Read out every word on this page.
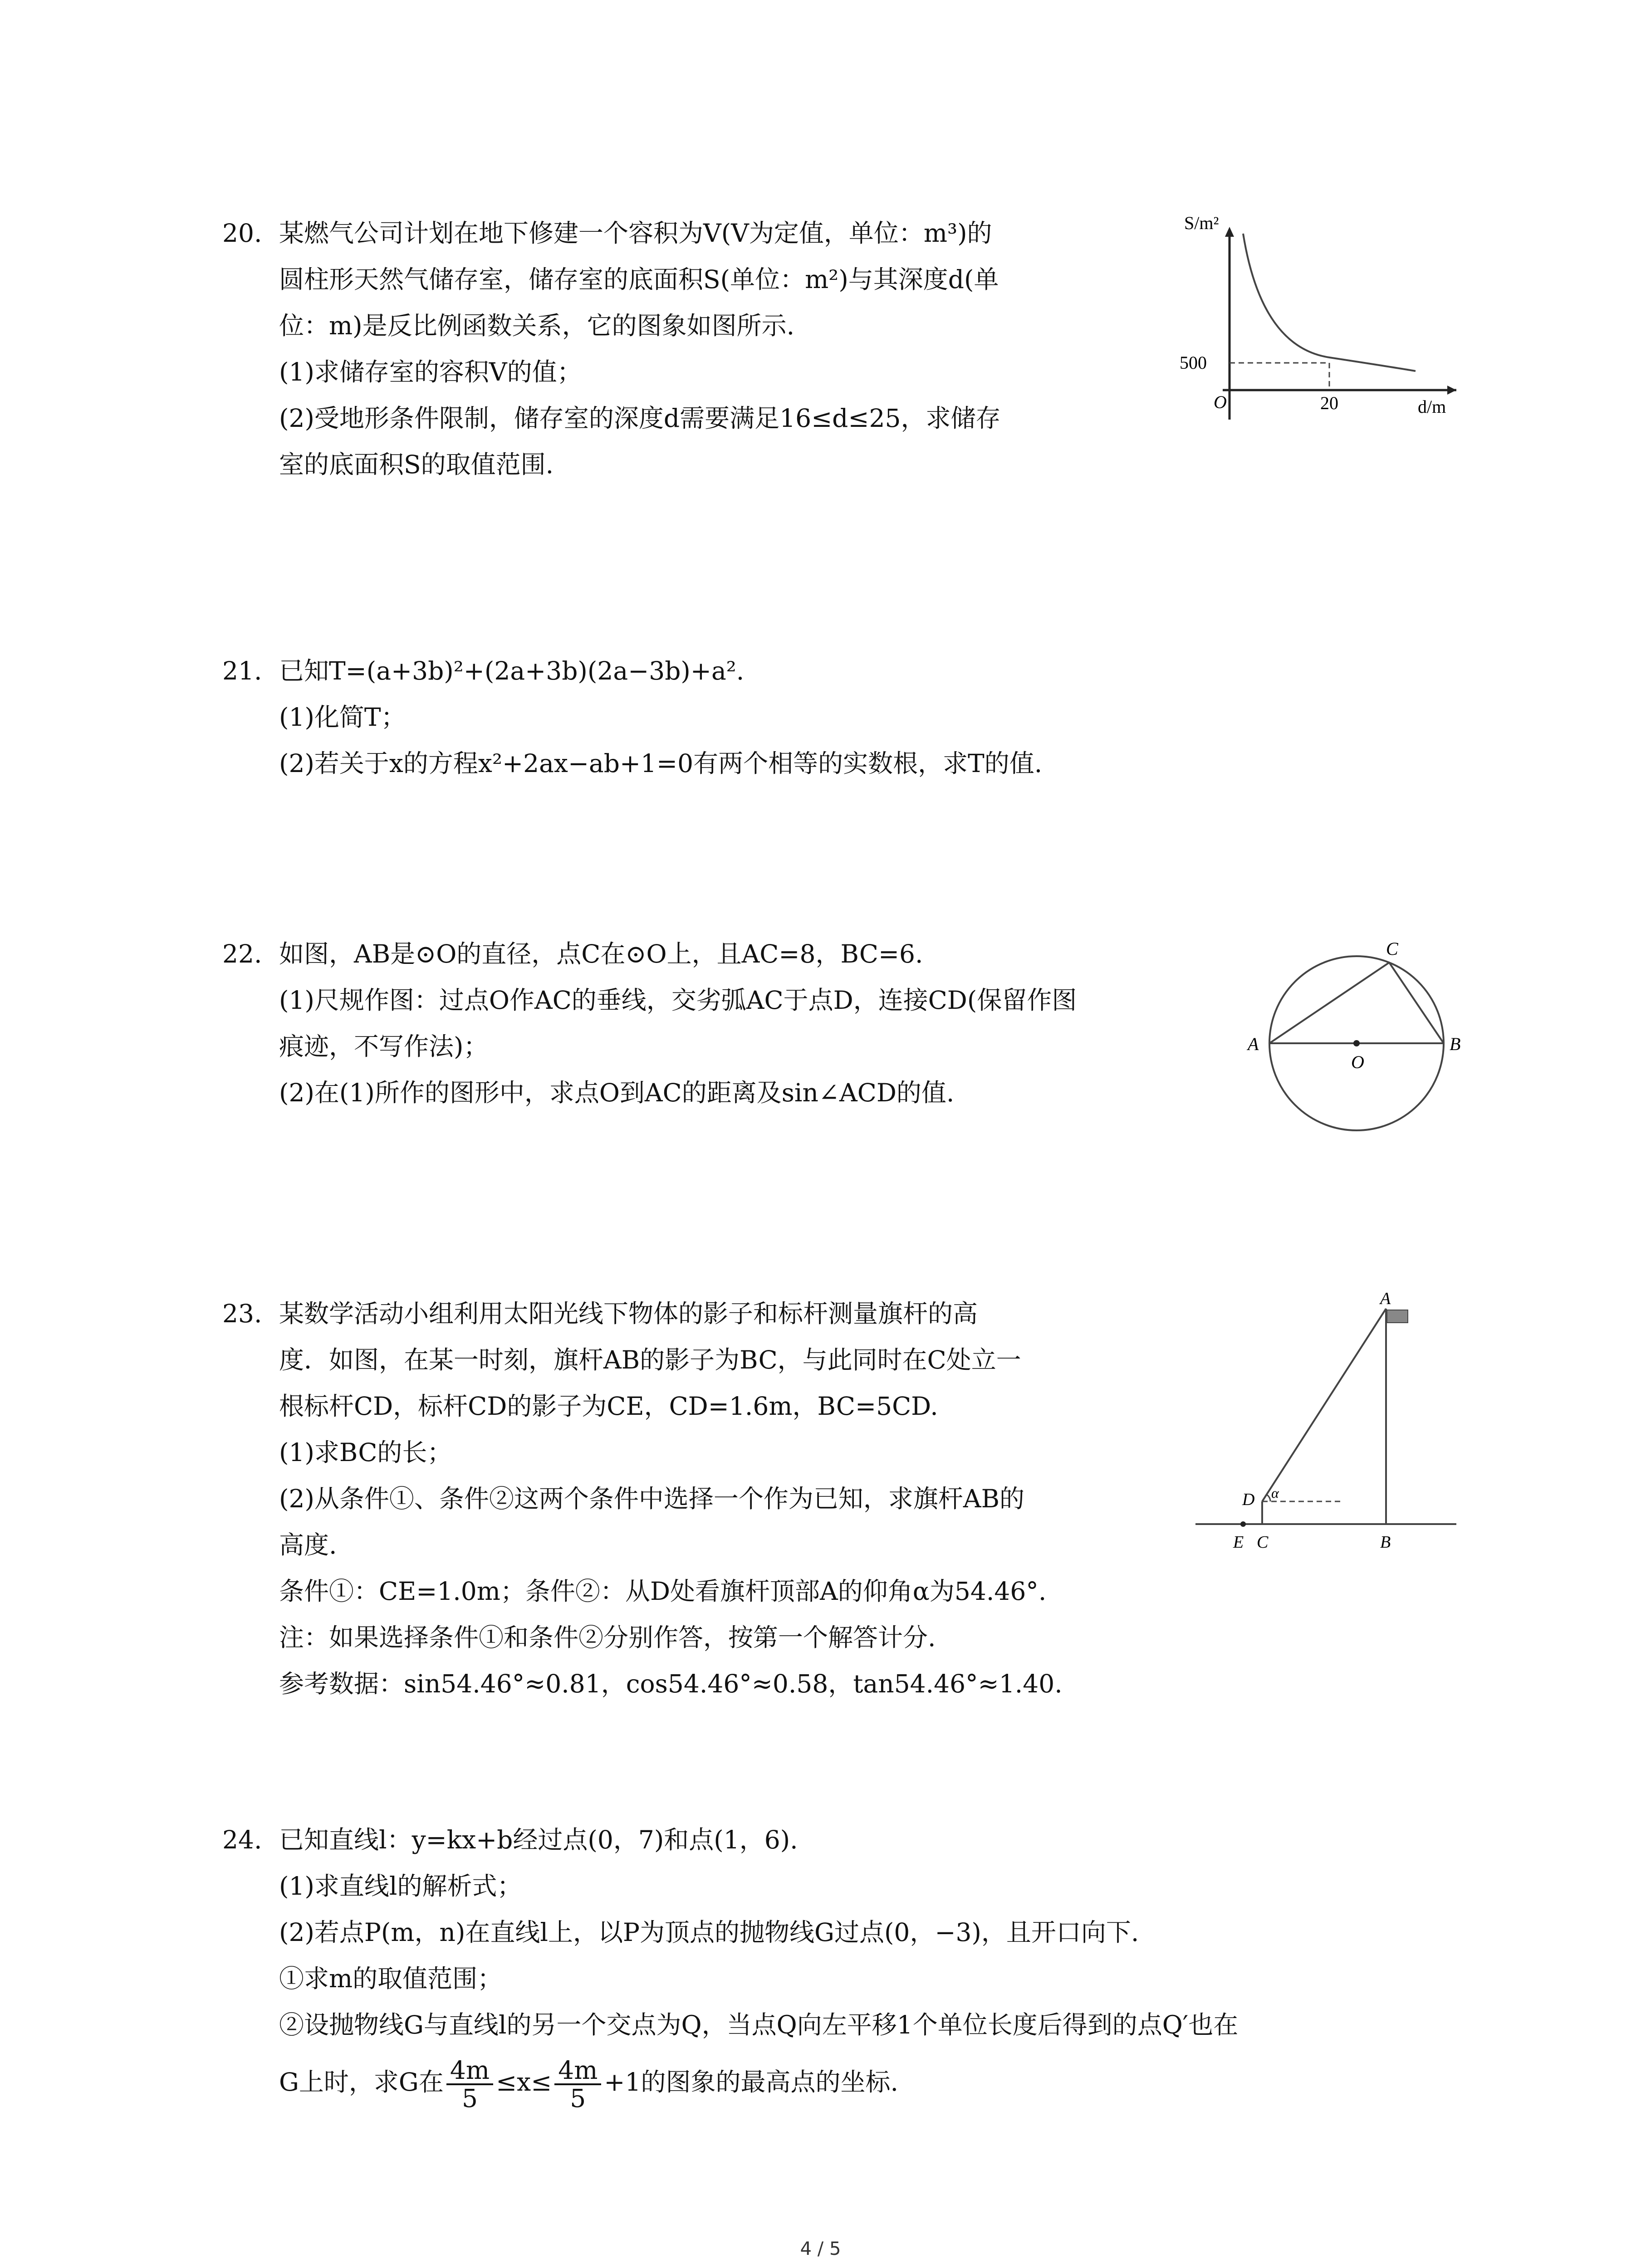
20. 某燃气公司计划在地下修建一个容积为V(V为定值，单位：m³)的
圆柱形天然气储存室，储存室的底面积S(单位：m²)与其深度d(单
位：m)是反比例函数关系，它的图象如图所示.
(1)求储存室的容积V的值；
(2)受地形条件限制，储存室的深度d需要满足16≤d≤25，求储存
室的底面积S的取值范围.
S/m²
d/m
O	20
500
21. 已知T=(a+3b)²+(2a+3b)(2a−3b)+a².
(1)化简T；
(2)若关于x的方程x²+2ax−ab+1=0有两个相等的实数根，求T的值.
22. 如图，AB是⊙O的直径，点C在⊙O上，且AC=8，BC=6.
(1)尺规作图：过点O作AC的垂线，交劣弧AC于点D，连接CD(保留作图
痕迹，不写作法)；
(2)在(1)所作的图形中，求点O到AC的距离及sin∠ACD的值.
A	B
C
O
23. 某数学活动小组利用太阳光线下物体的影子和标杆测量旗杆的高
度．如图，在某一时刻，旗杆AB的影子为BC，与此同时在C处立一
根标杆CD，标杆CD的影子为CE，CD=1.6m，BC=5CD.
(1)求BC的长；
(2)从条件①、条件②这两个条件中选择一个作为已知，求旗杆AB的
高度.
条件①：CE=1.0m；条件②：从D处看旗杆顶部A的仰角α为54.46°.
注：如果选择条件①和条件②分别作答，按第一个解答计分.
参考数据：sin54.46°≈0.81，cos54.46°≈0.58，tan54.46°≈1.40.
A
B
C
D
E
α
24. 已知直线l：y=kx+b经过点(0，7)和点(1，6).
(1)求直线l的解析式；
(2)若点P(m，n)在直线l上，以P为顶点的抛物线G过点(0，−3)，且开口向下.
①求m的取值范围；
②设抛物线G与直线l的另一个交点为Q，当点Q向左平移1个单位长度后得到的点Q′也在
G上时，求G在 $\frac{4m}{5} \le x\le \frac{4m}{5} +1$的图象的最高点的坐标.
4 / 5
